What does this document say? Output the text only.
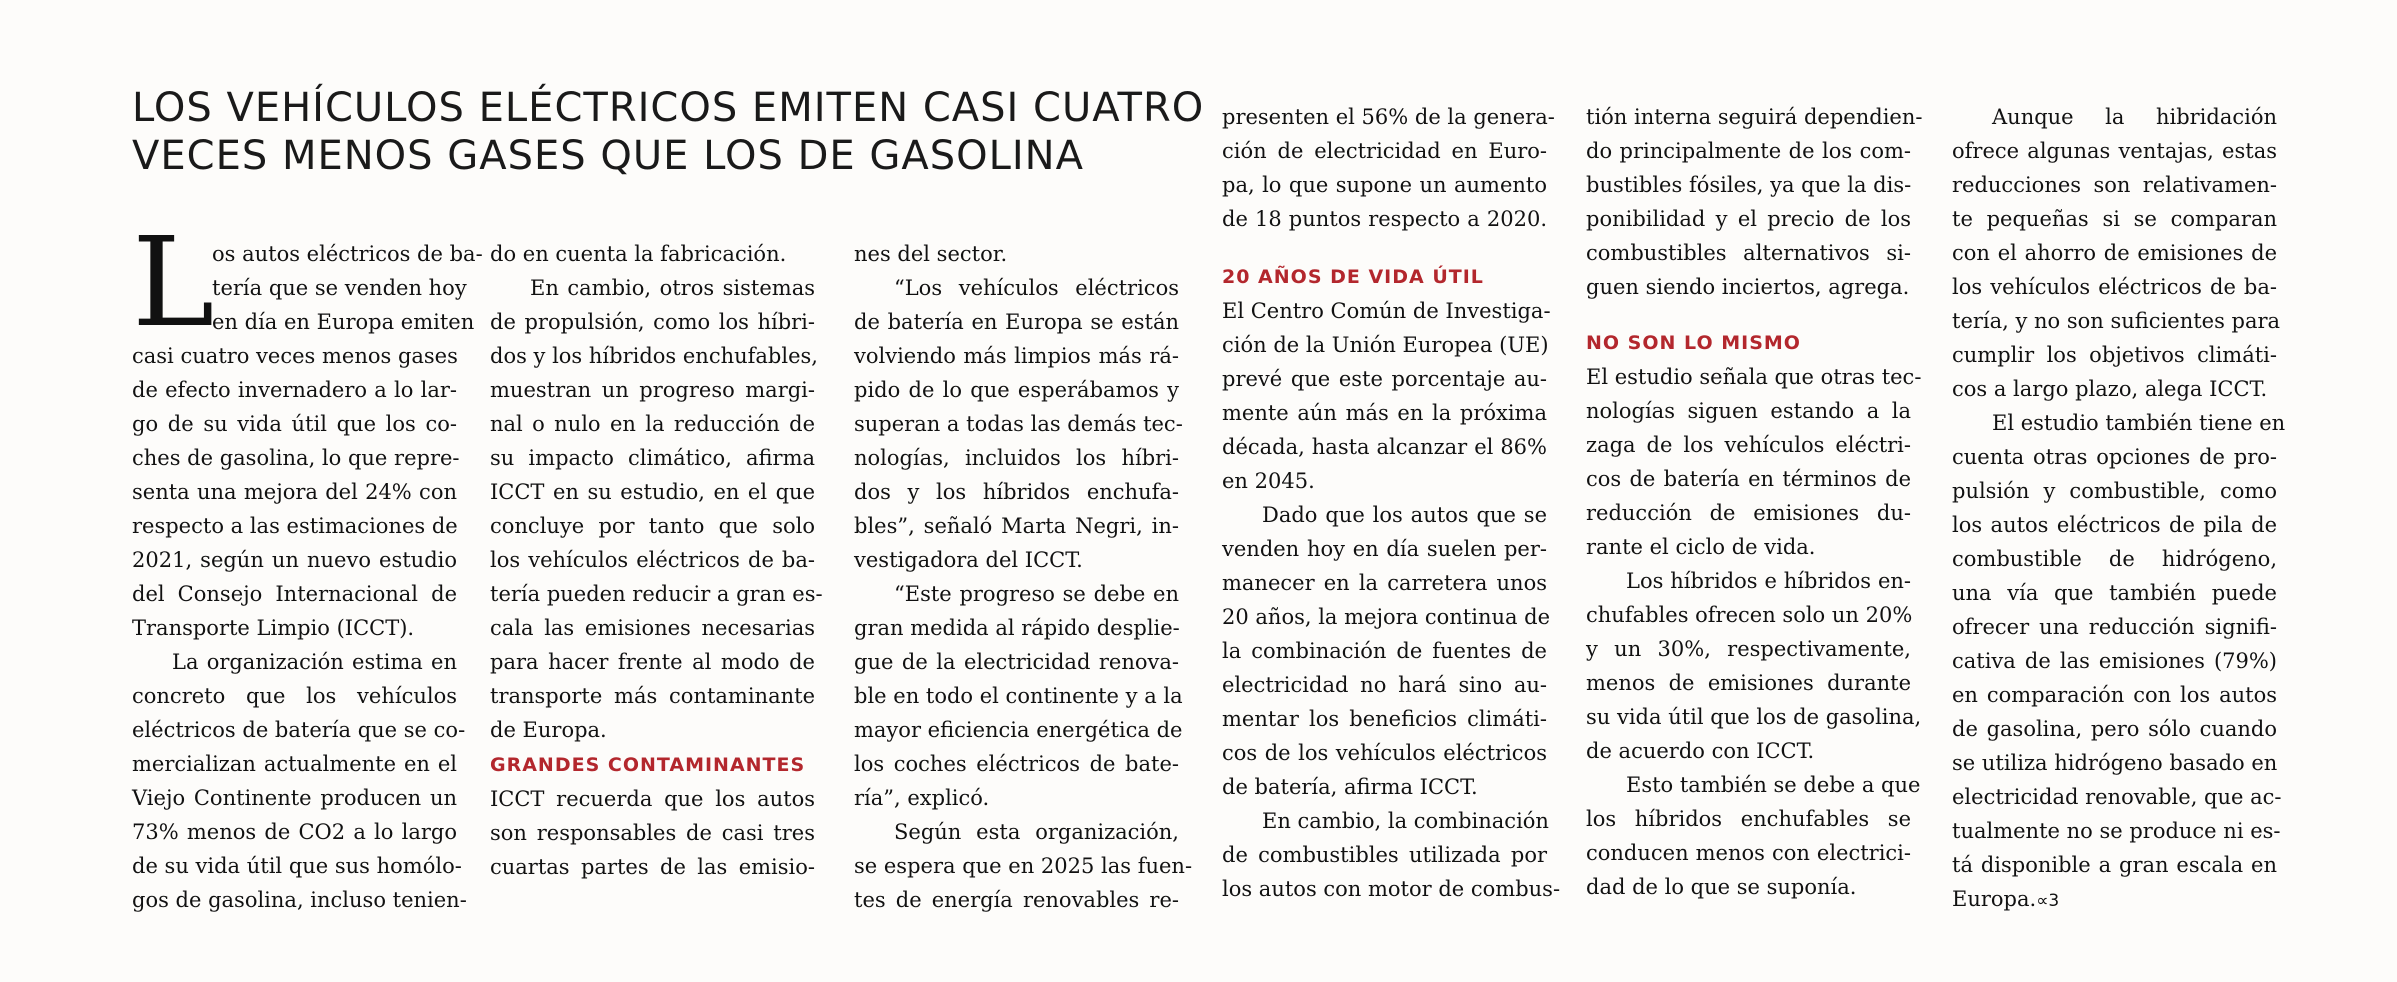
LOS VEHÍCULOS ELÉCTRICOS EMITEN CASI CUATRO
VECES MENOS GASES QUE LOS DE GASOLINA
L
os autos eléctricos de ba-
tería que se venden hoy
en día en Europa emiten
casi cuatro veces menos gases
de efecto invernadero a lo lar-
go de su vida útil que los co-
ches de gasolina, lo que repre-
senta una mejora del 24% con
respecto a las estimaciones de
2021, según un nuevo estudio
del Consejo Internacional de
Transporte Limpio (ICCT).
La organización estima en
concreto que los vehículos
eléctricos de batería que se co-
mercializan actualmente en el
Viejo Continente producen un
73% menos de CO2 a lo largo
de su vida útil que sus homólo-
gos de gasolina, incluso tenien-
do en cuenta la fabricación.
En cambio, otros sistemas
de propulsión, como los híbri-
dos y los híbridos enchufables,
muestran un progreso margi-
nal o nulo en la reducción de
su impacto climático, afirma
ICCT en su estudio, en el que
concluye por tanto que solo
los vehículos eléctricos de ba-
tería pueden reducir a gran es-
cala las emisiones necesarias
para hacer frente al modo de
transporte más contaminante
de Europa.
GRANDES CONTAMINANTES
ICCT recuerda que los autos
son responsables de casi tres
cuartas partes de las emisio-
nes del sector.
“Los vehículos eléctricos
de batería en Europa se están
volviendo más limpios más rá-
pido de lo que esperábamos y
superan a todas las demás tec-
nologías, incluidos los híbri-
dos y los híbridos enchufa-
bles”, señaló Marta Negri, in-
vestigadora del ICCT.
“Este progreso se debe en
gran medida al rápido desplie-
gue de la electricidad renova-
ble en todo el continente y a la
mayor eficiencia energética de
los coches eléctricos de bate-
ría”, explicó.
Según esta organización,
se espera que en 2025 las fuen-
tes de energía renovables re-
presenten el 56% de la genera-
ción de electricidad en Euro-
pa, lo que supone un aumento
de 18 puntos respecto a 2020.
20 AÑOS DE VIDA ÚTIL
El Centro Común de Investiga-
ción de la Unión Europea (UE)
prevé que este porcentaje au-
mente aún más en la próxima
década, hasta alcanzar el 86%
en 2045.
Dado que los autos que se
venden hoy en día suelen per-
manecer en la carretera unos
20 años, la mejora continua de
la combinación de fuentes de
electricidad no hará sino au-
mentar los beneficios climáti-
cos de los vehículos eléctricos
de batería, afirma ICCT.
En cambio, la combinación
de combustibles utilizada por
los autos con motor de combus-
tión interna seguirá dependien-
do principalmente de los com-
bustibles fósiles, ya que la dis-
ponibilidad y el precio de los
combustibles alternativos si-
guen siendo inciertos, agrega.
NO SON LO MISMO
El estudio señala que otras tec-
nologías siguen estando a la
zaga de los vehículos eléctri-
cos de batería en términos de
reducción de emisiones du-
rante el ciclo de vida.
Los híbridos e híbridos en-
chufables ofrecen solo un 20%
y un 30%, respectivamente,
menos de emisiones durante
su vida útil que los de gasolina,
de acuerdo con ICCT.
Esto también se debe a que
los híbridos enchufables se
conducen menos con electrici-
dad de lo que se suponía.
Aunque la hibridación
ofrece algunas ventajas, estas
reducciones son relativamen-
te pequeñas si se comparan
con el ahorro de emisiones de
los vehículos eléctricos de ba-
tería, y no son suficientes para
cumplir los objetivos climáti-
cos a largo plazo, alega ICCT.
El estudio también tiene en
cuenta otras opciones de pro-
pulsión y combustible, como
los autos eléctricos de pila de
combustible de hidrógeno,
una vía que también puede
ofrecer una reducción signifi-
cativa de las emisiones (79%)
en comparación con los autos
de gasolina, pero sólo cuando
se utiliza hidrógeno basado en
electricidad renovable, que ac-
tualmente no se produce ni es-
tá disponible a gran escala en
Europa.∝3
